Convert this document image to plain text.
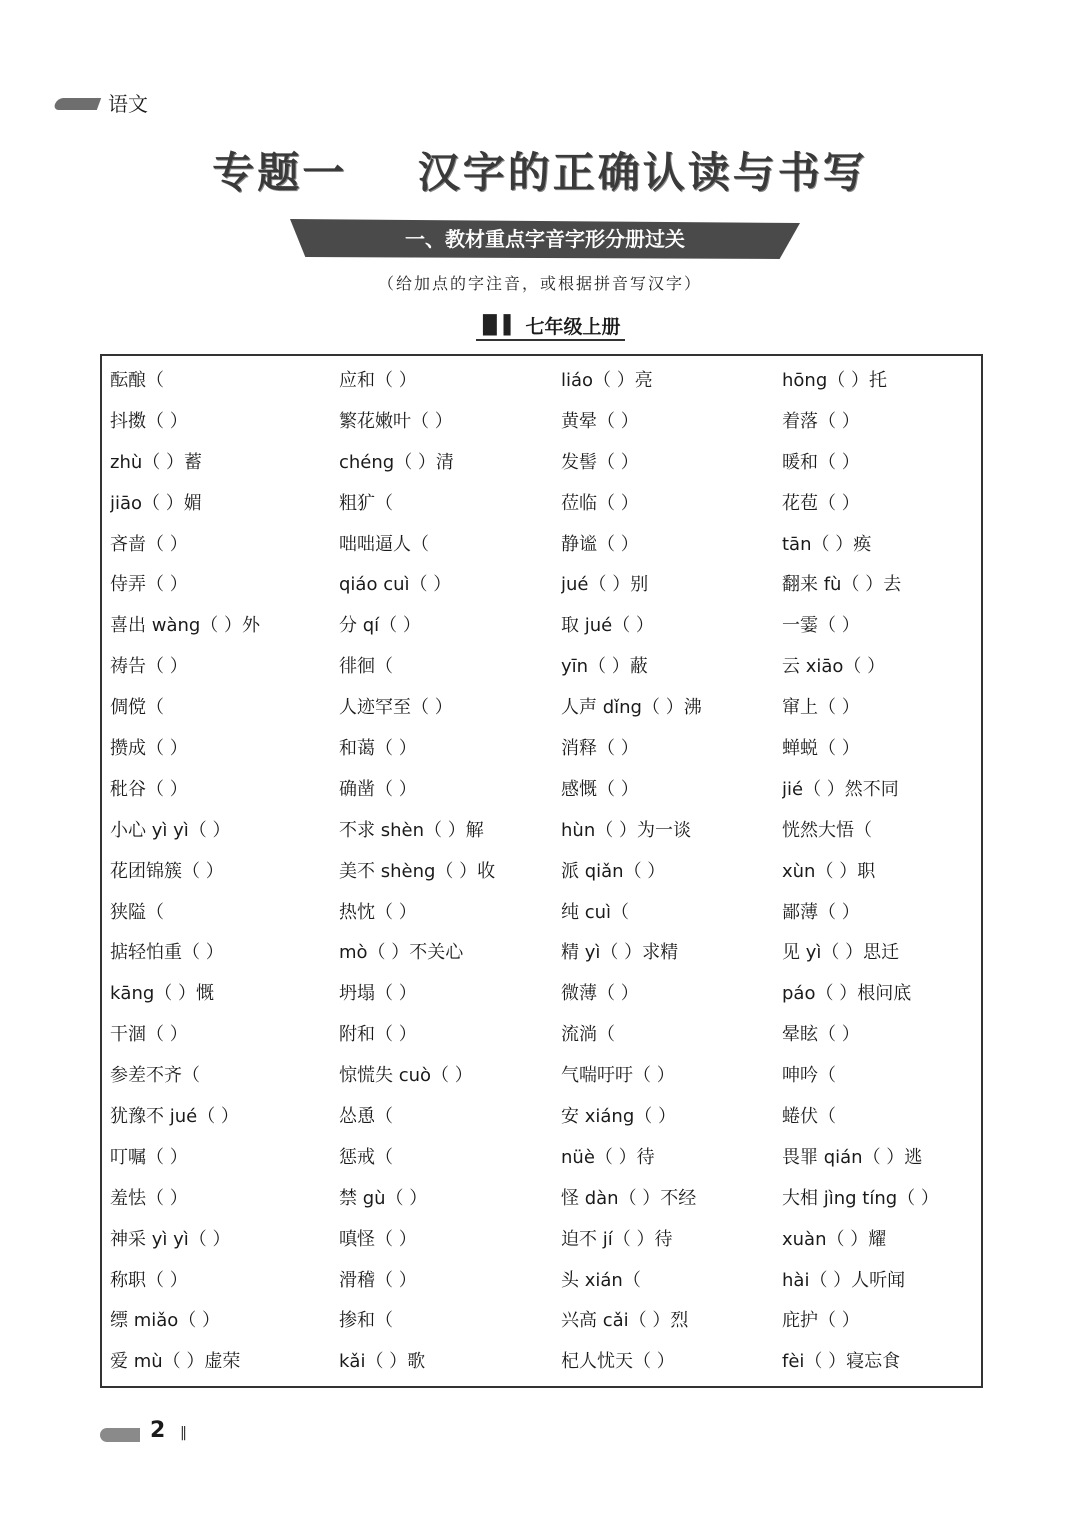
语文
专题一    汉字的正确认读与书写
一、教材重点字音字形分册过关
（给加点的字注音，或根据拼音写汉字）
▐▌▌ 七年级上册
酝酿（	应和（ ）	liáo（ ）亮	hōng（ ）托
抖擞（ ）	繁花嫩叶（ ）	黄晕（ ）	着落（ ）
zhù（ ）蓄	chéng（ ）清	发髻（ ）	暖和（ ）
jiāo（ ）媚	粗犷（	莅临（ ）	花苞（ ）
吝啬（ ）	咄咄逼人（	静谧（ ）	tān（ ）痪
侍弄（ ）	qiáo cuì（ ）	jué（ ）别	翻来 fù（ ）去
喜出 wàng（ ）外	分 qí（ ）	取 jué（ ）	一霎（ ）
祷告（ ）	徘徊（	yīn（ ）蔽	云 xiāo（ ）
倜傥（	人迹罕至（ ）	人声 dǐng（ ）沸	窜上（ ）
攒成（ ）	和蔼（ ）	消释（ ）	蝉蜕（ ）
秕谷（ ）	确凿（ ）	感慨（ ）	jié（ ）然不同
小心 yì yì（ ）	不求 shèn（ ）解	hùn（ ）为一谈	恍然大悟（
花团锦簇（ ）	美不 shèng（ ）收	派 qiǎn（ ）	xùn（ ）职
狭隘（	热忱（ ）	纯 cuì（	鄙薄（ ）
掂轻怕重（ ）	mò（ ）不关心	精 yì（ ）求精	见 yì（ ）思迁
kāng（ ）慨	坍塌（ ）	微薄（ ）	páo（ ）根问底
干涸（ ）	附和（ ）	流淌（	晕眩（ ）
参差不齐（	惊慌失 cuò（ ）	气喘吁吁（ ）	呻吟（
犹豫不 jué（ ）	怂恿（	安 xiáng（ ）	蜷伏（
叮嘱（ ）	惩戒（	nüè（ ）待	畏罪 qián（ ）逃
羞怯（ ）	禁 gù（ ）	怪 dàn（ ）不经	大相 jìng tíng（ ）
神采 yì yì（ ）	嗔怪（ ）	迫不 jí（ ）待	xuàn（ ）耀
称职（ ）	滑稽（ ）	头 xián（	hài（ ）人听闻
缥 miǎo（ ）	掺和（	兴高 cǎi（ ）烈	庇护（ ）
爱 mù（ ）虚荣	kǎi（ ）歌	杞人忧天（ ）	fèi（ ）寝忘食
2 ‖
